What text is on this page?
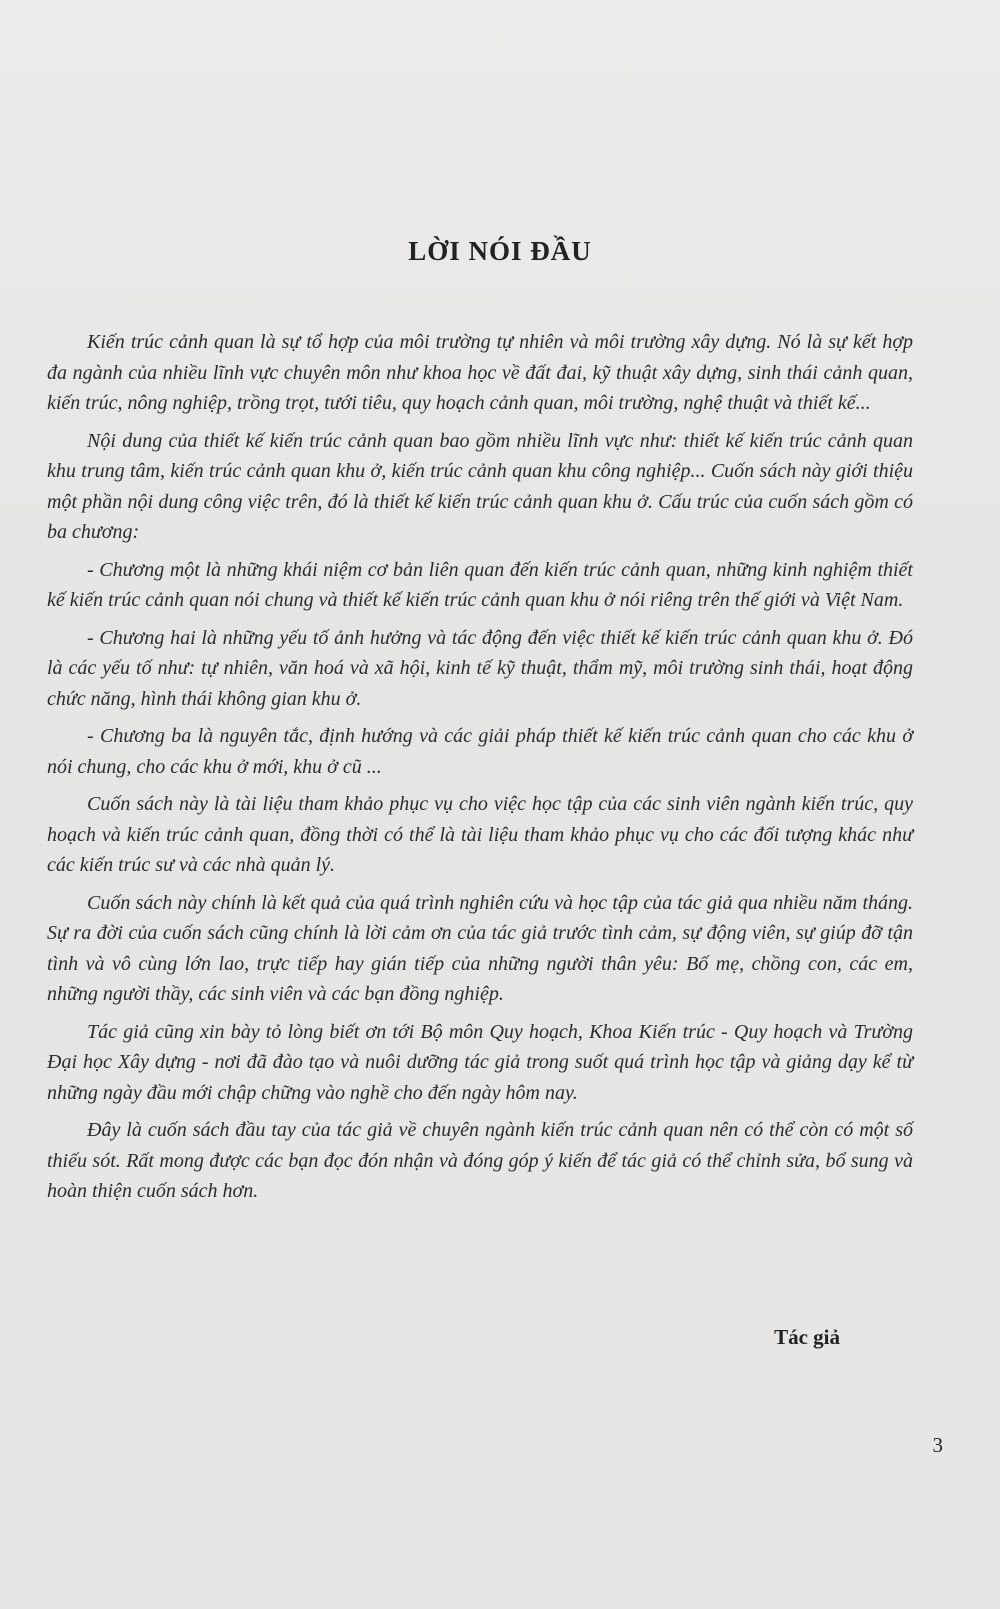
LỜI NÓI ĐẦU

Kiến trúc cảnh quan là sự tổ hợp của môi trường tự nhiên và môi trường xây dựng. Nó là sự kết hợp đa ngành của nhiều lĩnh vực chuyên môn như khoa học về đất đai, kỹ thuật xây dựng, sinh thái cảnh quan, kiến trúc, nông nghiệp, trồng trọt, tưới tiêu, quy hoạch cảnh quan, môi trường, nghệ thuật và thiết kế...

Nội dung của thiết kế kiến trúc cảnh quan bao gồm nhiều lĩnh vực như: thiết kế kiến trúc cảnh quan khu trung tâm, kiến trúc cảnh quan khu ở, kiến trúc cảnh quan khu công nghiệp... Cuốn sách này giới thiệu một phần nội dung công việc trên, đó là thiết kế kiến trúc cảnh quan khu ở. Cấu trúc của cuốn sách gồm có ba chương:

- Chương một là những khái niệm cơ bản liên quan đến kiến trúc cảnh quan, những kinh nghiệm thiết kế kiến trúc cảnh quan nói chung và thiết kế kiến trúc cảnh quan khu ở nói riêng trên thế giới và Việt Nam.

- Chương hai là những yếu tố ảnh hưởng và tác động đến việc thiết kế kiến trúc cảnh quan khu ở. Đó là các yếu tố như: tự nhiên, văn hoá và xã hội, kinh tế kỹ thuật, thẩm mỹ, môi trường sinh thái, hoạt động chức năng, hình thái không gian khu ở.

- Chương ba là nguyên tắc, định hướng và các giải pháp thiết kế kiến trúc cảnh quan cho các khu ở nói chung, cho các khu ở mới, khu ở cũ ...

Cuốn sách này là tài liệu tham khảo phục vụ cho việc học tập của các sinh viên ngành kiến trúc, quy hoạch và kiến trúc cảnh quan, đồng thời có thể là tài liệu tham khảo phục vụ cho các đối tượng khác như các kiến trúc sư và các nhà quản lý.

Cuốn sách này chính là kết quả của quá trình nghiên cứu và học tập của tác giả qua nhiều năm tháng. Sự ra đời của cuốn sách cũng chính là lời cảm ơn của tác giả trước tình cảm, sự động viên, sự giúp đỡ tận tình và vô cùng lớn lao, trực tiếp hay gián tiếp của những người thân yêu: Bố mẹ, chồng con, các em, những người thầy, các sinh viên và các bạn đồng nghiệp.

Tác giả cũng xin bày tỏ lòng biết ơn tới Bộ môn Quy hoạch, Khoa Kiến trúc - Quy hoạch và Trường Đại học Xây dựng - nơi đã đào tạo và nuôi dưỡng tác giả trong suốt quá trình học tập và giảng dạy kể từ những ngày đầu mới chập chững vào nghề cho đến ngày hôm nay.

Đây là cuốn sách đầu tay của tác giả về chuyên ngành kiến trúc cảnh quan nên có thể còn có một số thiếu sót. Rất mong được các bạn đọc đón nhận và đóng góp ý kiến để tác giả có thể chỉnh sửa, bổ sung và hoàn thiện cuốn sách hơn.

Tác giả

3
